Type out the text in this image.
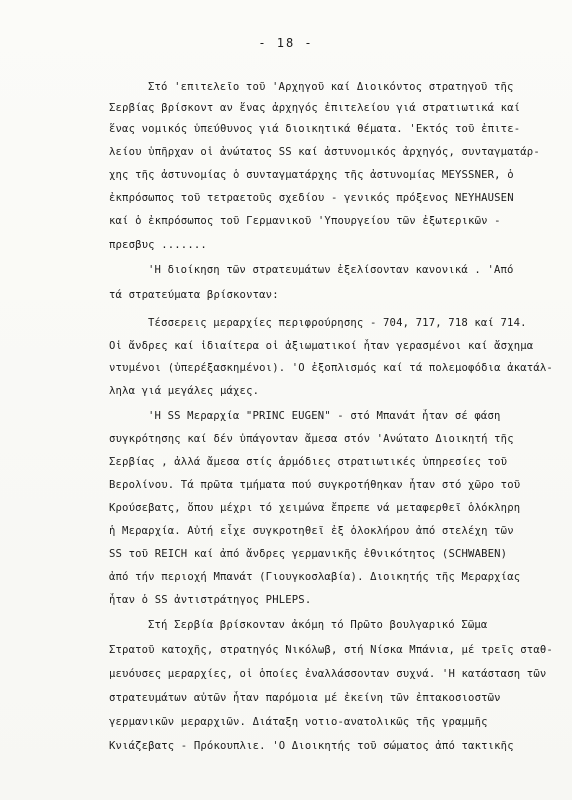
- 18 -
Στό 'επιτελεῖο τοῦ 'Αρχηγοῦ καί Διοικόντος στρατηγοῦ τῆς
Σερβίας βρίσκοντ αν ἕνας ἀρχηγός ἐπιτελείου γιά στρατιωτικά καί
ἕνας νομικός ὑπεύθυνος γιά διοικητικά θέματα. 'Εκτός τοῦ ἐπιτε-
λείου ὑπῆρχαν οἱ ἀνώτατος SS καί ἀστυνομικός ἀρχηγός, συνταγματάρ-
χης τῆς ἀστυνομίας ὁ συνταγματάρχης τῆς ἀστυνομίας MEYSSNER, ὁ
ἐκπρόσωπος τοῦ τετραετοῦς σχεδίου - γενικός πρόξενος NEYHAUSEN
καί ὁ ἐκπρόσωπος τοῦ Γερμανικοῦ 'Υπουργείου τῶν ἐξωτερικῶν -
πρεσβυς .......
'Η διοίκηση τῶν στρατευμάτων ἐξελίσονταν κανονικά . 'Από
τά στρατεύματα βρίσκονταν:
Τέσσερεις μεραρχίες περιφρούρησης - 704, 717, 718 καί 714.
Οἱ ἄνδρες καί ἰδιαίτερα οἱ ἀξιωματικοί ἦταν γερασμένοι καί ἄσχημα
ντυμένοι (ὑπερέξασκημένοι). 'Ο ἐξοπλισμός καί τά πολεμοφόδια ἀκατάλ-
ληλα γιά μεγάλες μάχες.
'Η SS Μεραρχία "PRINC EUGEN" - στό Μπανάτ ἦταν σέ φάση
συγκρότησης καί δέν ὑπάγονταν ἄμεσα στόν 'Ανώτατο Διοικητή τῆς
Σερβίας , ἀλλά ἄμεσα στίς ἁρμόδιες στρατιωτικές ὑπηρεσίες τοῦ
Βερολίνου. Τά πρῶτα τμήματα πού συγκροτήθηκαν ἦταν στό χῶρο τοῦ
Κρούσεβατς, ὅπου μέχρι τό χειμώνα ἔπρεπε νά μεταφερθεῖ ὁλόκληρη
ἡ Μεραρχία. Αὐτή εἶχε συγκροτηθεῖ ἐξ ὁλοκλήρου ἀπό στελέχη τῶν
SS τοῦ REICH καί ἀπό ἄνδρες γερμανικῆς ἐθνικότητος (SCHWABEN)
ἀπό τήν περιοχή Μπανάτ (Γιουγκοσλαβία). Διοικητής τῆς Μεραρχίας
ἦταν ὁ SS ἀντιστράτηγος PHLEPS.
Στή Σερβία βρίσκονταν ἀκόμη τό Πρῶτο βουλγαρικό Σῶμα
Στρατοῦ κατοχῆς, στρατηγός Νικόλωβ, στή Νίσκα Μπάνια, μέ τρεῖς σταθ-
μευόυσες μεραρχίες, οἱ ὁποίες ἐναλλάσσονταν συχνά. 'Η κατάσταση τῶν
στρατευμάτων αὐτῶν ἦταν παρόμοια μέ ἐκείνη τῶν ἐπτακοσιοστῶν
γερμανικῶν μεραρχιῶν. Διάταξη νοτιο-ανατολικῶς τῆς γραμμῆς
Κνιάζεβατς - Πρόκουπλιε. 'Ο Διοικητής τοῦ σώματος ἀπό τακτικῆς
